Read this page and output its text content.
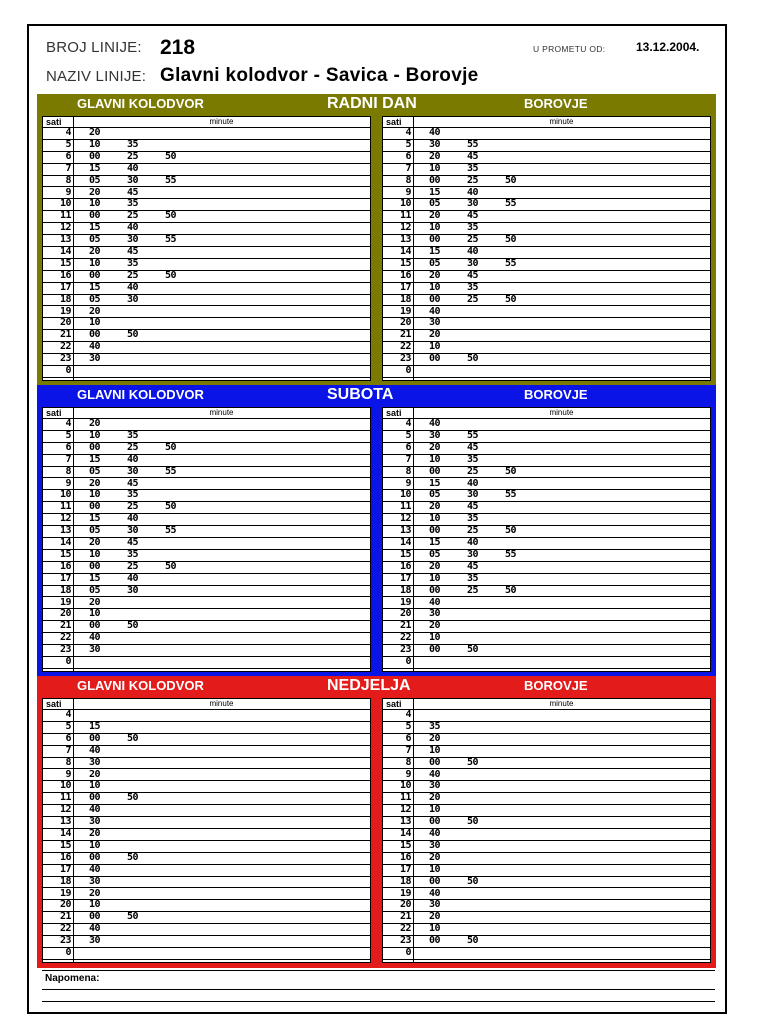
BROJ LINIJE: 218
NAZIV LINIJE: Glavni kolodvor - Savica - Borovje
U PROMETU OD:	13.12.2004.
GLAVNI KOLODVOR	RADNI DAN	BOROVJE
sati	minute
4 20
5 10	35
6 00	25	50
7 15	40
8 05	30	55
9 20	45
10 10	35
11 00	25	50
12 15	40
13 05	30	55
14 20	45
15 10	35
16 00	25	50
17 15	40
18 05	30
19 20
20 10
21 00	50
22 40
23 30
0
sati	minute
4 40
5 30	55
6 20	45
7 10	35
8 00	25	50
9 15	40
10 05	30	55
11 20	45
12 10	35
13 00	25	50
14 15	40
15 05	30	55
16 20	45
17 10	35
18 00	25	50
19 40
20 30
21 20
22 10
23 00	50
0
GLAVNI KOLODVOR	SUBOTA	BOROVJE
sati	minute
4 20
5 10	35
6 00	25	50
7 15	40
8 05	30	55
9 20	45
10 10	35
11 00	25	50
12 15	40
13 05	30	55
14 20	45
15 10	35
16 00	25	50
17 15	40
18 05	30
19 20
20 10
21 00	50
22 40
23 30
0
sati	minute
4 40
5 30	55
6 20	45
7 10	35
8 00	25	50
9 15	40
10 05	30	55
11 20	45
12 10	35
13 00	25	50
14 15	40
15 05	30	55
16 20	45
17 10	35
18 00	25	50
19 40
20 30
21 20
22 10
23 00	50
0
GLAVNI KOLODVOR	NEDJELJA	BOROVJE
sati	minute
4
5 15
6 00	50
7 40
8 30
9 20
10 10
11 00	50
12 40
13 30
14 20
15 10
16 00	50
17 40
18 30
19 20
20 10
21 00	50
22 40
23 30
0
sati	minute
4
5 35
6 20
7 10
8 00	50
9 40
10 30
11 20
12 10
13 00	50
14 40
15 30
16 20
17 10
18 00	50
19 40
20 30
21 20
22 10
23 00	50
0
Napomena:
